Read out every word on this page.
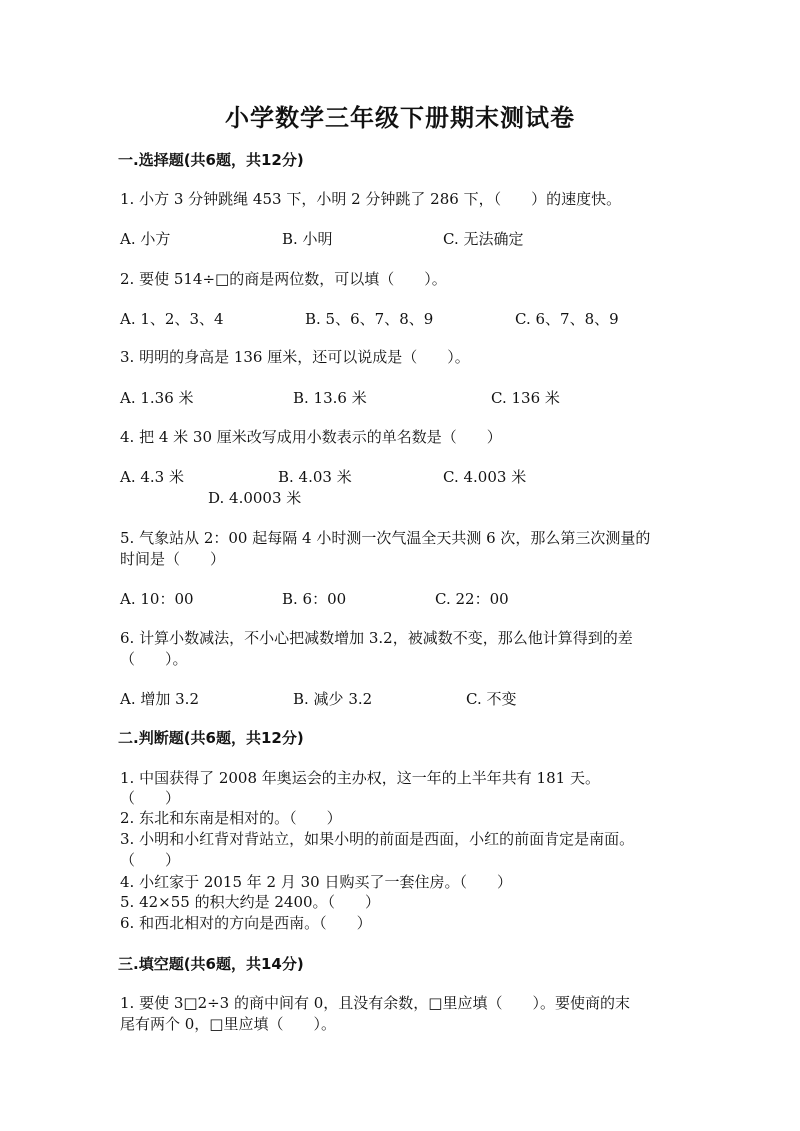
小学数学三年级下册期末测试卷
一.选择题(共6题，共12分)
1. 小方 3 分钟跳绳 453 下，小明 2 分钟跳了 286 下，（　　）的速度快。
A. 小方	B. 小明	C. 无法确定
2. 要使 514÷□的商是两位数，可以填（　　）。
A. 1、2、3、4	B. 5、6、7、8、9	C. 6、7、8、9
3. 明明的身高是 136 厘米，还可以说成是（　　）。
A. 1.36 米	B. 13.6 米	C. 136 米
4. 把 4 米 30 厘米改写成用小数表示的单名数是（　　）
A. 4.3 米	B. 4.03 米	C. 4.003 米
D. 4.0003 米
5. 气象站从 2：00 起每隔 4 小时测一次气温全天共测 6 次，那么第三次测量的
时间是（　　）
A. 10：00	B. 6：00	C. 22：00
6. 计算小数减法，不小心把减数增加 3.2，被减数不变，那么他计算得到的差
（　　）。
A. 增加 3.2	B. 减少 3.2	C. 不变
二.判断题(共6题，共12分)
1. 中国获得了 2008 年奥运会的主办权，这一年的上半年共有 181 天。
（　　）
2. 东北和东南是相对的。（　　）
3. 小明和小红背对背站立，如果小明的前面是西面，小红的前面肯定是南面。
（　　）
4. 小红家于 2015 年 2 月 30 日购买了一套住房。（　　）
5. 42×55 的积大约是 2400。（　　）
6. 和西北相对的方向是西南。（　　）
三.填空题(共6题，共14分)
1. 要使 3□2÷3 的商中间有 0，且没有余数，□里应填（　　）。要使商的末
尾有两个 0，□里应填（　　）。
